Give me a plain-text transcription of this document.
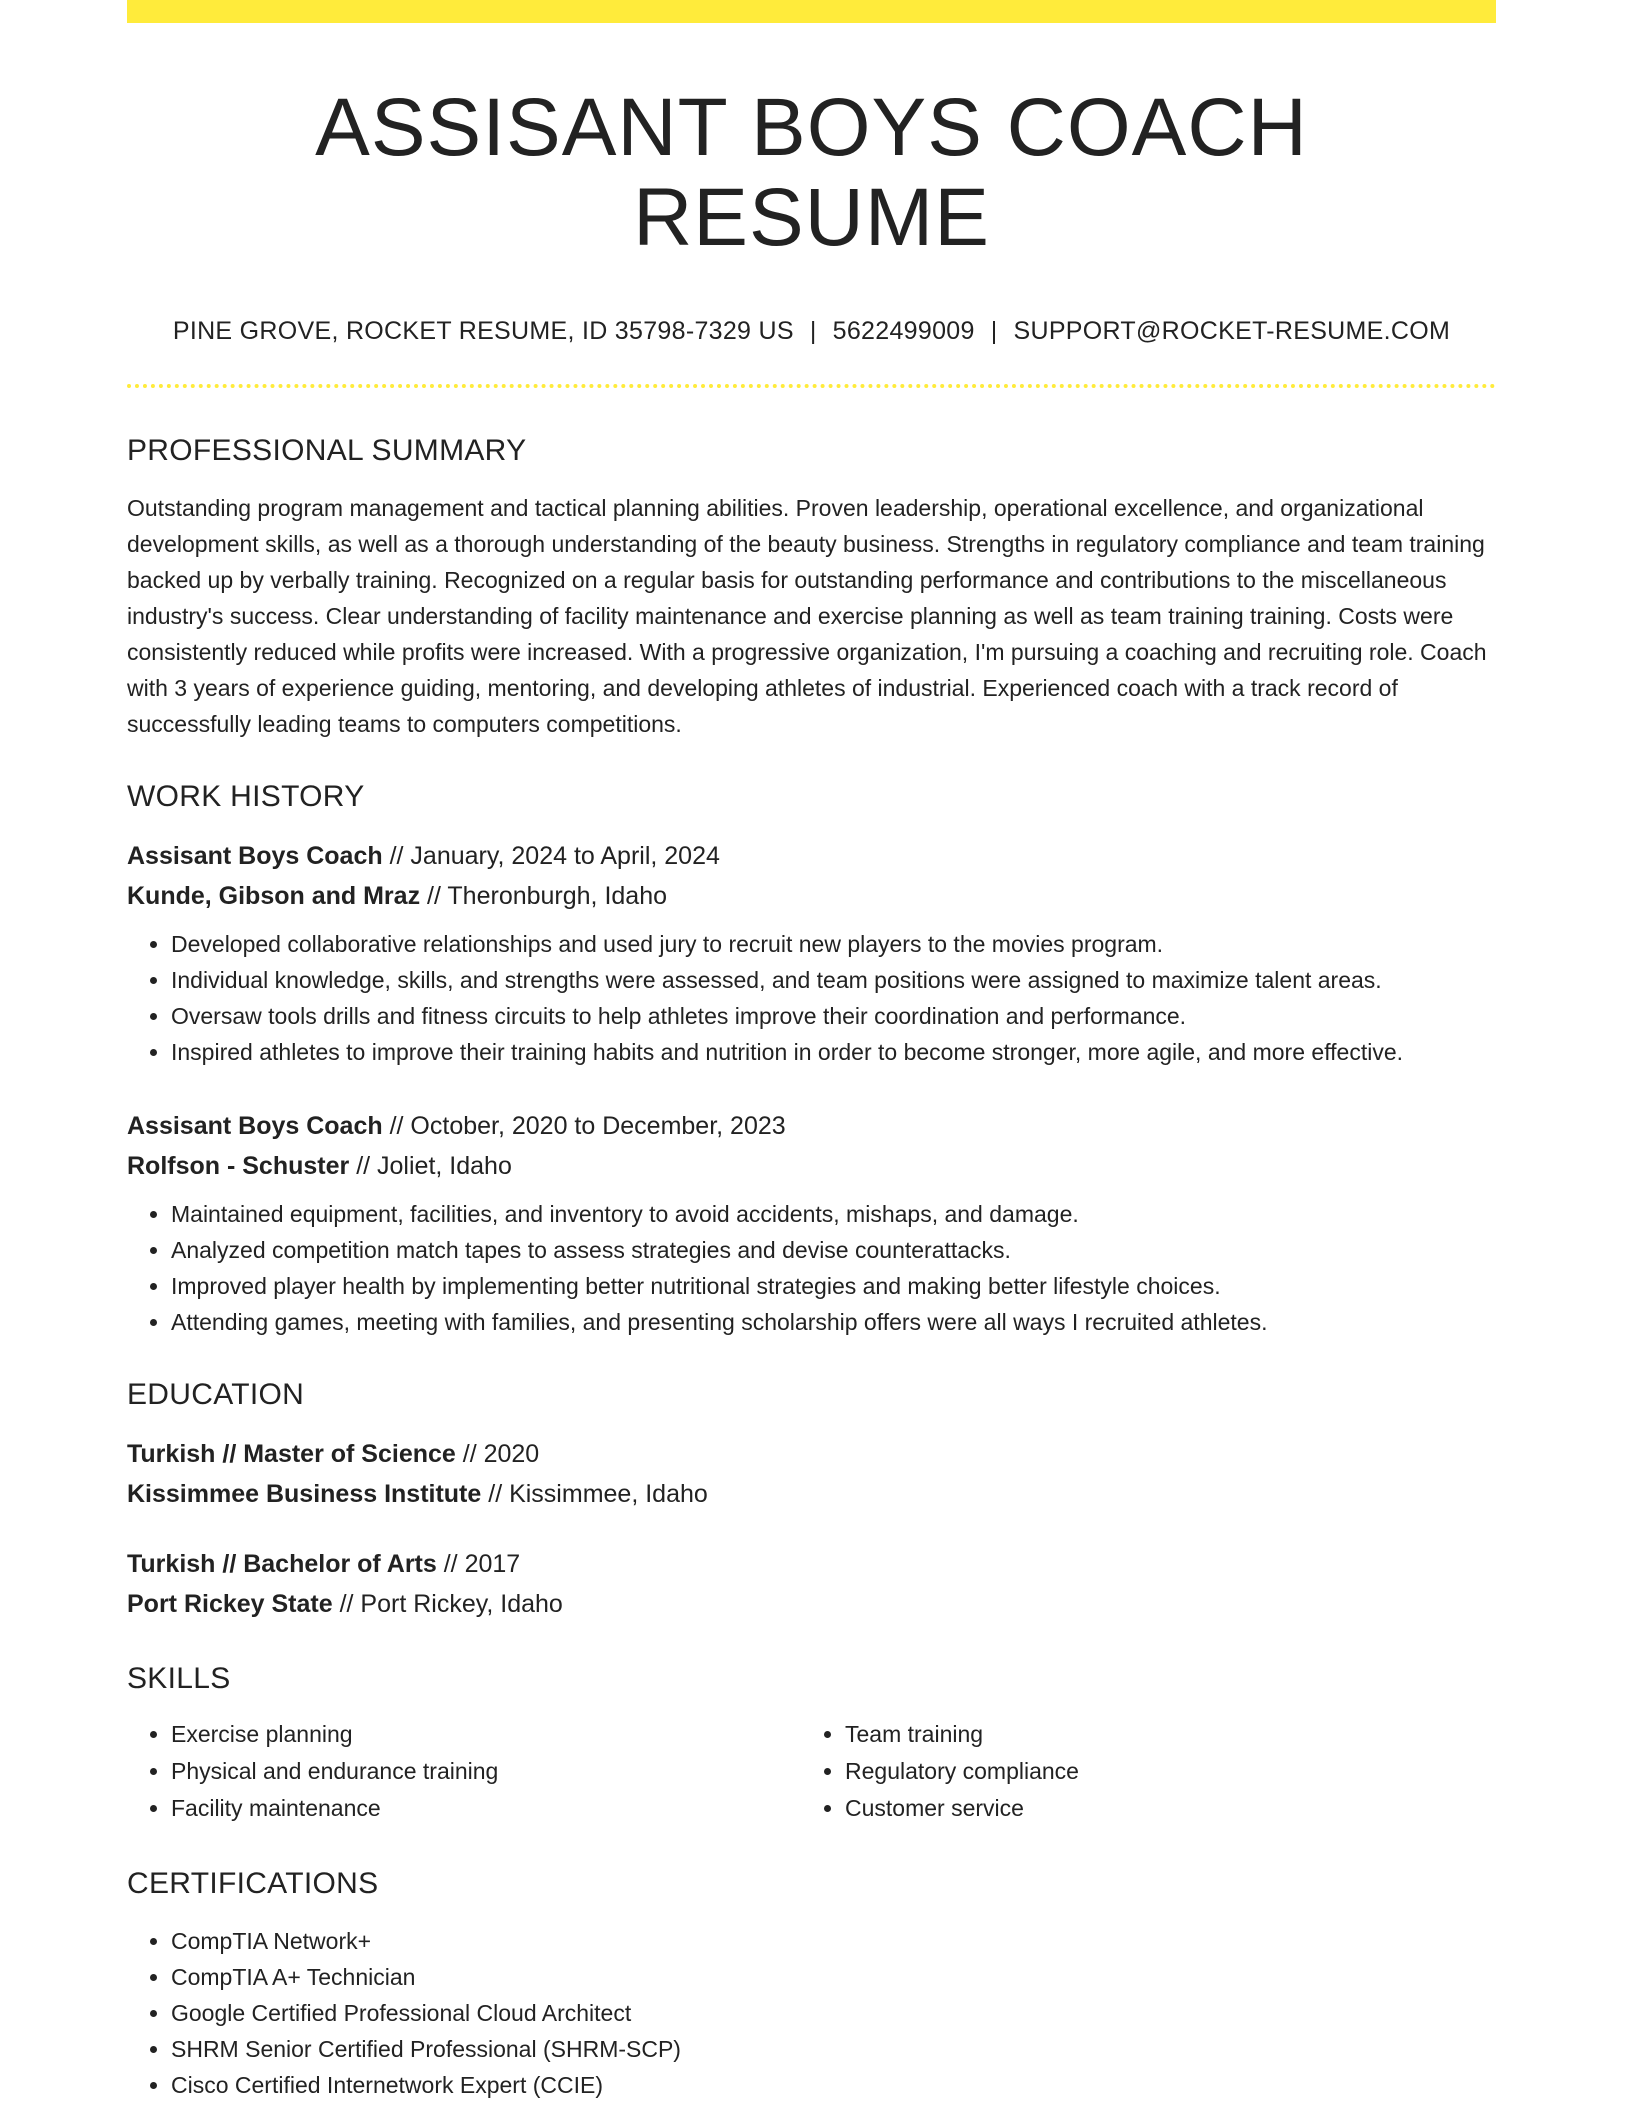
ASSISANT BOYS COACH RESUME
PINE GROVE, ROCKET RESUME, ID 35798-7329 US | 5622499009 | SUPPORT@ROCKET-RESUME.COM
PROFESSIONAL SUMMARY
Outstanding program management and tactical planning abilities. Proven leadership, operational excellence, and organizational development skills, as well as a thorough understanding of the beauty business. Strengths in regulatory compliance and team training backed up by verbally training. Recognized on a regular basis for outstanding performance and contributions to the miscellaneous industry's success. Clear understanding of facility maintenance and exercise planning as well as team training training. Costs were consistently reduced while profits were increased. With a progressive organization, I'm pursuing a coaching and recruiting role. Coach with 3 years of experience guiding, mentoring, and developing athletes of industrial. Experienced coach with a track record of successfully leading teams to computers competitions.
WORK HISTORY
Assisant Boys Coach // January, 2024 to April, 2024
Kunde, Gibson and Mraz // Theronburgh, Idaho
• Developed collaborative relationships and used jury to recruit new players to the movies program.
• Individual knowledge, skills, and strengths were assessed, and team positions were assigned to maximize talent areas.
• Oversaw tools drills and fitness circuits to help athletes improve their coordination and performance.
• Inspired athletes to improve their training habits and nutrition in order to become stronger, more agile, and more effective.
Assisant Boys Coach // October, 2020 to December, 2023
Rolfson - Schuster // Joliet, Idaho
• Maintained equipment, facilities, and inventory to avoid accidents, mishaps, and damage.
• Analyzed competition match tapes to assess strategies and devise counterattacks.
• Improved player health by implementing better nutritional strategies and making better lifestyle choices.
• Attending games, meeting with families, and presenting scholarship offers were all ways I recruited athletes.
EDUCATION
Turkish // Master of Science // 2020
Kissimmee Business Institute // Kissimmee, Idaho
Turkish // Bachelor of Arts // 2017
Port Rickey State // Port Rickey, Idaho
SKILLS
• Exercise planning
• Physical and endurance training
• Facility maintenance
• Team training
• Regulatory compliance
• Customer service
CERTIFICATIONS
• CompTIA Network+
• CompTIA A+ Technician
• Google Certified Professional Cloud Architect
• SHRM Senior Certified Professional (SHRM-SCP)
• Cisco Certified Internetwork Expert (CCIE)
